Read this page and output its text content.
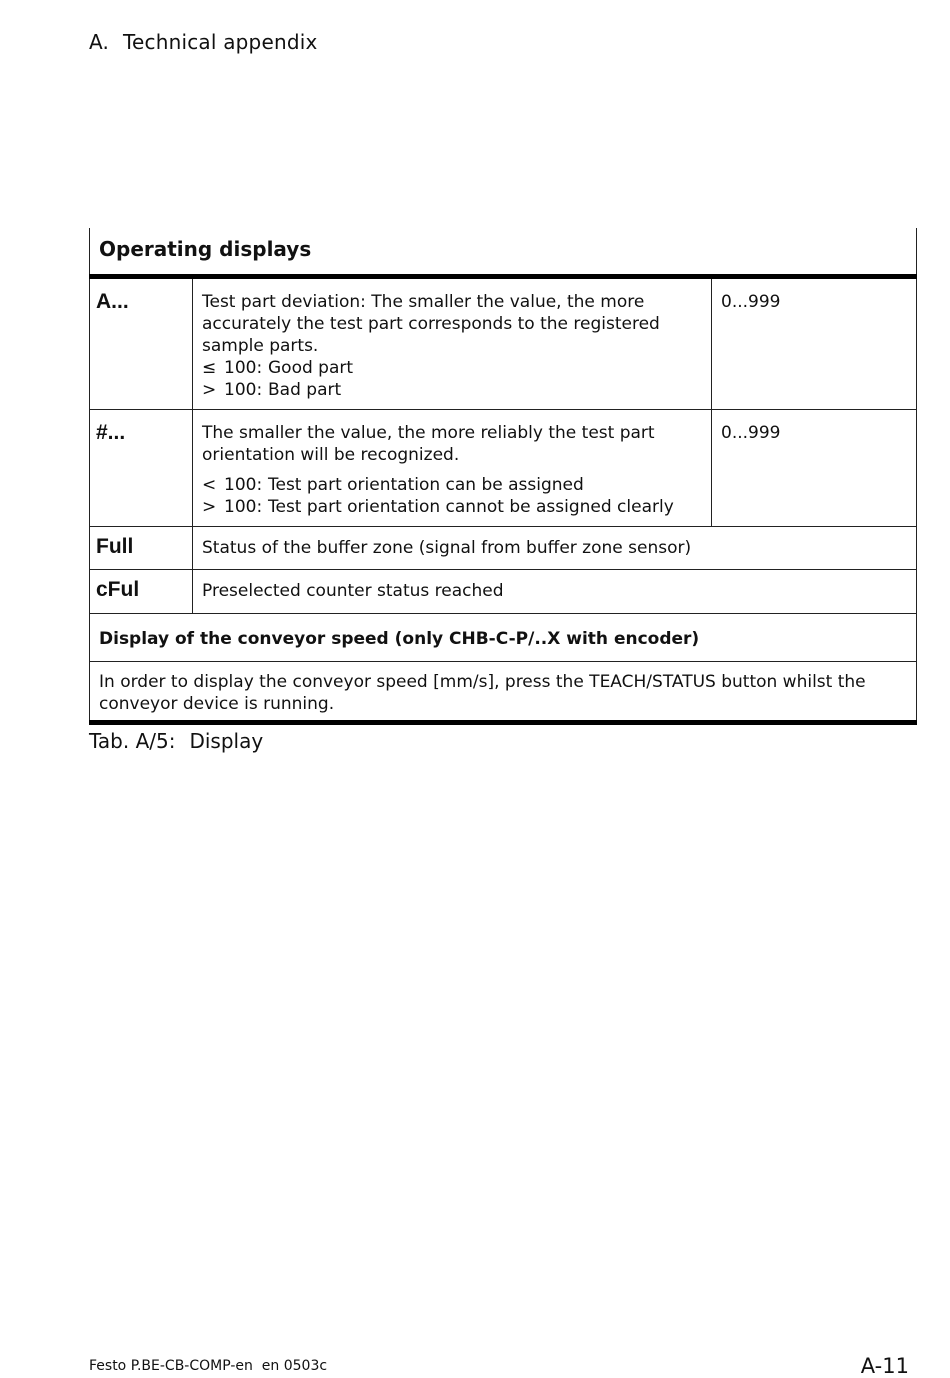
A. Technical appendix
Operating displays		
A...	Test part deviation: The smaller the value, the more accurately the test part corresponds to the registered sample parts.
≤ 100: Good part
> 100: Bad part	0...999
#...	The smaller the value, the more reliably the test part orientation will be recognized.
< 100: Test part orientation can be assigned
> 100: Test part orientation cannot be assigned clearly	0...999
Full	Status of the buffer zone (signal from buffer zone sensor)	
cFul	Preselected counter status reached	
Display of the conveyor speed (only CHB-C-P/..X with encoder)		
In order to display the conveyor speed [mm/s], press the TEACH/STATUS button whilst the conveyor device is running.		
Tab. A/5: Display
Festo P.BE-CB-COMP-en  en 0503c	A-11
